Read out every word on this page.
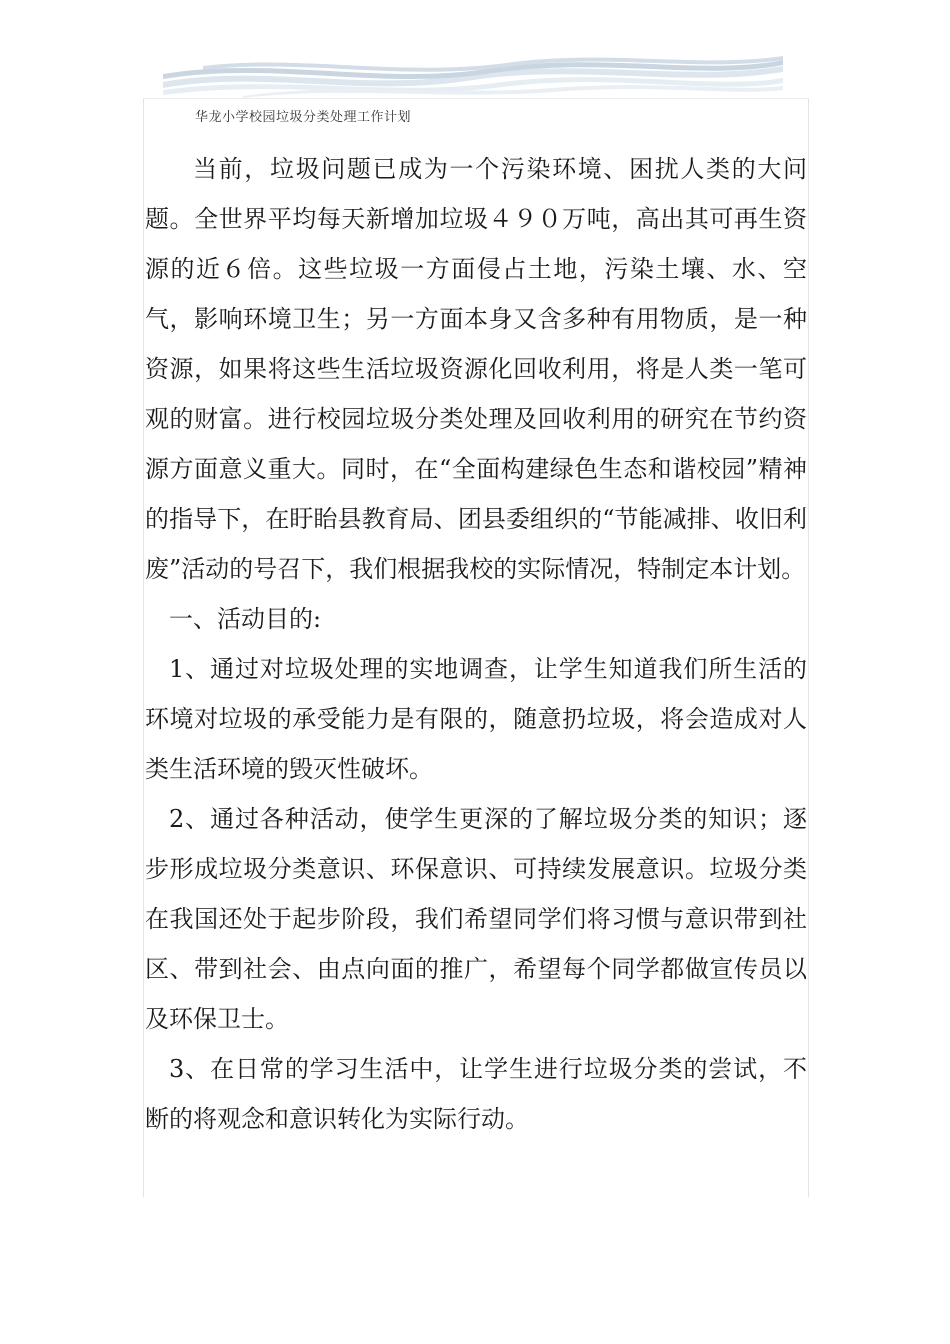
华龙小学校园垃圾分类处理工作计划

当前，垃圾问题已成为一个污染环境、困扰人类的大问题。全世界平均每天新增加垃圾４９０万吨，高出其可再生资源的近６倍。这些垃圾一方面侵占土地，污染土壤、水、空气，影响环境卫生；另一方面本身又含多种有用物质，是一种资源，如果将这些生活垃圾资源化回收利用，将是人类一笔可观的财富。进行校园垃圾分类处理及回收利用的研究在节约资源方面意义重大。同时，在“全面构建绿色生态和谐校园”精神的指导下，在盱眙县教育局、团县委组织的“节能减排、收旧利废”活动的号召下，我们根据我校的实际情况，特制定本计划。

一、活动目的:

1、通过对垃圾处理的实地调查，让学生知道我们所生活的环境对垃圾的承受能力是有限的，随意扔垃圾，将会造成对人类生活环境的毁灭性破坏。

2、通过各种活动，使学生更深的了解垃圾分类的知识；逐步形成垃圾分类意识、环保意识、可持续发展意识。垃圾分类在我国还处于起步阶段，我们希望同学们将习惯与意识带到社区、带到社会、由点向面的推广，希望每个同学都做宣传员以及环保卫士。

3、在日常的学习生活中，让学生进行垃圾分类的尝试，不断的将观念和意识转化为实际行动。
